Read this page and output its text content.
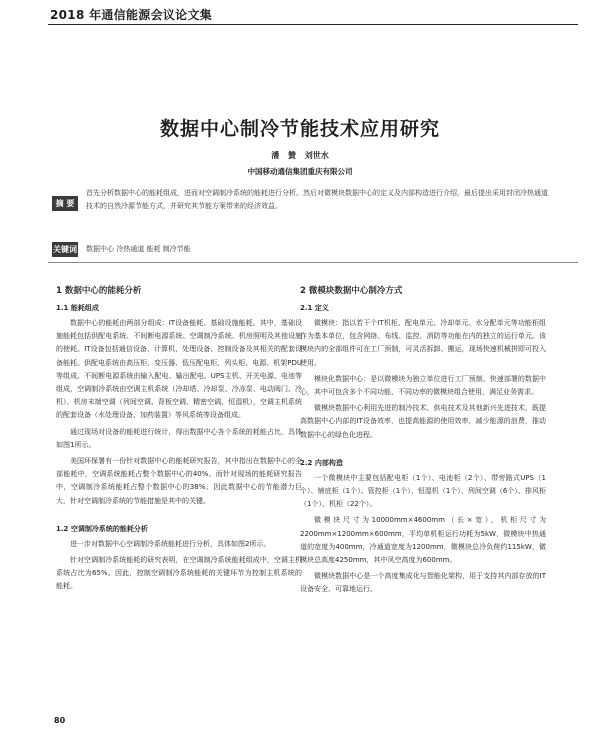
2018 年通信能源会议论文集
数据中心制冷节能技术应用研究
潘 贊 刘世水
中国移动通信集团重庆有限公司
摘 要
首先分析数据中心的能耗组成，进而对空调制冷系统的能耗进行分析。然后对微模块数据中心的定义及内部构造进行介绍，最后提出采用封闭冷热通道技术的自然冷源节能方式，并研究其节能方案带来的经济效益。
关键词 数据中心 冷热通道 能耗 制冷节能
1 数据中心的能耗分析
1.1 能耗组成

数据中心的能耗由两部分组成：IT设备能耗、基础设施能耗。其中，基础设施能耗包括供配电系统、不间断电源系统、空调制冷系统、机房照明及其他设施的使耗。IT设备包括通信设备、计算机、处理设备、控制设备及其相关的配套设备能耗。供配电系统由高压柜、变压器、低压配电柜、列头柜、电源、机架PDU等组成。不间断电源系统由输入配电、输出配电、UPS主机、开关电源、电池等组成，空调制冷系统由空调主机系统（冷却塔、冷却泵、冷冻泵、电动阀门、冷机）、机房末端空调（列间空调、背板空调、精密空调、恒湿机），空调主机系统的配套设备（水处理设备、加药装置）等风系统等设备组成。

通过现场对设备的能耗进行统计，得出数据中心各个系统的耗能占比，具体如图1所示。

美国环保署有一份针对数据中心的能耗研究报告，其中指出在数据中心的全部能耗中，空调系统能耗占整个数据中心的40%。而针对现场的能耗研究报告中，空调制冷系统能耗占整个数据中心的38%。因此数据中心的节能潜力巨大，针对空调制冷系统的节能措施是其中的关键。

1.2 空调制冷系统的能耗分析

进一步对数据中心空调制冷系统能耗进行分析，具体如图2所示。

针对空调制冷系统能耗的研究表明，在空调制冷系统能耗组成中，空调主机系统占比为65%。因此，控制空调制冷系统能耗的关键环节为控制主机系统的能耗。

2 微模块数据中心制冷方式
2.1 定义

微模块：指以若干个IT机柜、配电单元、冷却单元、水分配单元等功能柜组作为基本单位，包含网络、布线、监控、消防等功能在内的独立的运行单元。该模块内的全部组件可在工厂预制，可灵活拆卸、搬运，现场快速机械拼即可投入使用。

模块化数据中心：是以微模块为独立单位进行工厂预制、快速部署的数据中心，其中可包含多个不同功能、不同功率的微模块组合使用，满足业务需求。

微模块数据中心利用先进的制冷技术、供电技术及其他新兴先进技术，既提高数据中心内部的IT设备效率，也提高能源的使用效率，减少能源的浪费，推动数据中心的绿色化进程。

2.2 内部构造

一个微模块中主要包括配电柜（1个）、电池柜（2个）、带旁路式UPS（1个）、铺底柜（1个）、管控柜（1个）、恒湿机（1个）、列间空调（6个）、排风柜（1个）、机柜（22个）。

微模块尺寸为10000mm×4600mm（长×宽），机柜尺寸为2200mm×1200mm×600mm，平均单机柜运行功耗为5kW，微模块中热通道的宽度为400mm，冷通道宽度为1200mm，微模块总冷负荷约115kW，微模块总高度4250mm，其中风空高度为600mm。

微模块数据中心是一个高度集成化与智能化架构，用于支持其内部存放的IT设备安全、可靠地运行。

80
